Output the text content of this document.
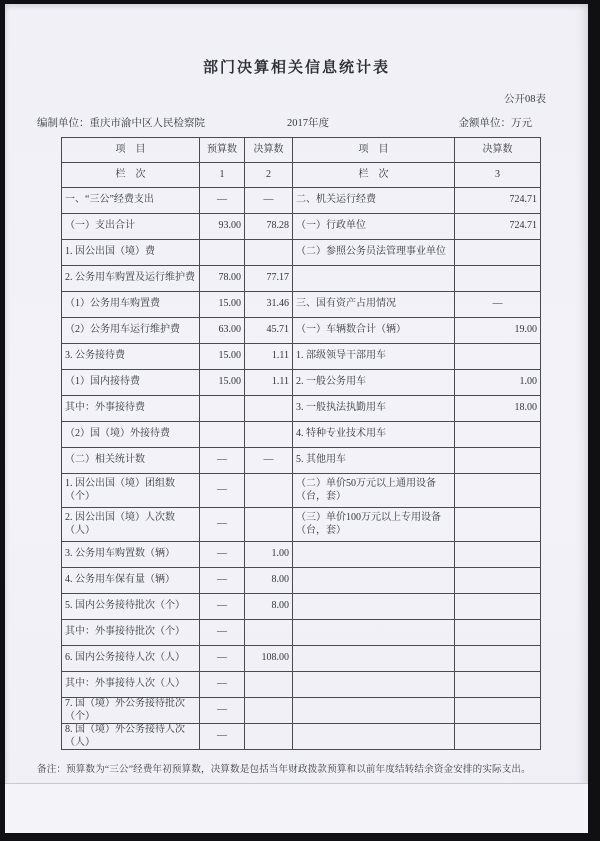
部门决算相关信息统计表
公开08表
编制单位：重庆市渝中区人民检察院	2017年度	金额单位：万元
项　目	预算数	决算数	项　目	决算数
栏　次	1	2	栏　次	3
一、“三公”经费支出	—	—	二、机关运行经费	724.71
（一）支出合计	93.00	78.28	（一）行政单位	724.71
1. 因公出国（境）费			（二）参照公务员法管理事业单位	
2. 公务用车购置及运行维护费	78.00	77.17		
（1）公务用车购置费	15.00	31.46	三、国有资产占用情况	—
（2）公务用车运行维护费	63.00	45.71	（一）车辆数合计（辆）	19.00
3. 公务接待费	15.00	1.11	1. 部级领导干部用车	
（1）国内接待费	15.00	1.11	2. 一般公务用车	1.00
其中：外事接待费			3. 一般执法执勤用车	18.00
（2）国（境）外接待费			4. 特种专业技术用车	
（二）相关统计数	—	—	5. 其他用车	
1. 因公出国（境）团组数（个）	—		（二）单价50万元以上通用设备（台，套）	
2. 因公出国（境）人次数（人）	—		（三）单价100万元以上专用设备（台，套）	
3. 公务用车购置数（辆）	—	1.00		
4. 公务用车保有量（辆）	—	8.00		
5. 国内公务接待批次（个）	—	8.00		
其中：外事接待批次（个）	—			
6. 国内公务接待人次（人）	—	108.00		
其中：外事接待人次（人）	—			
7. 国（境）外公务接待批次（个）	—			
8. 国（境）外公务接待人次（人）	—			
备注：预算数为“三公”经费年初预算数，决算数是包括当年财政拨款预算和以前年度结转结余资金安排的实际支出。
